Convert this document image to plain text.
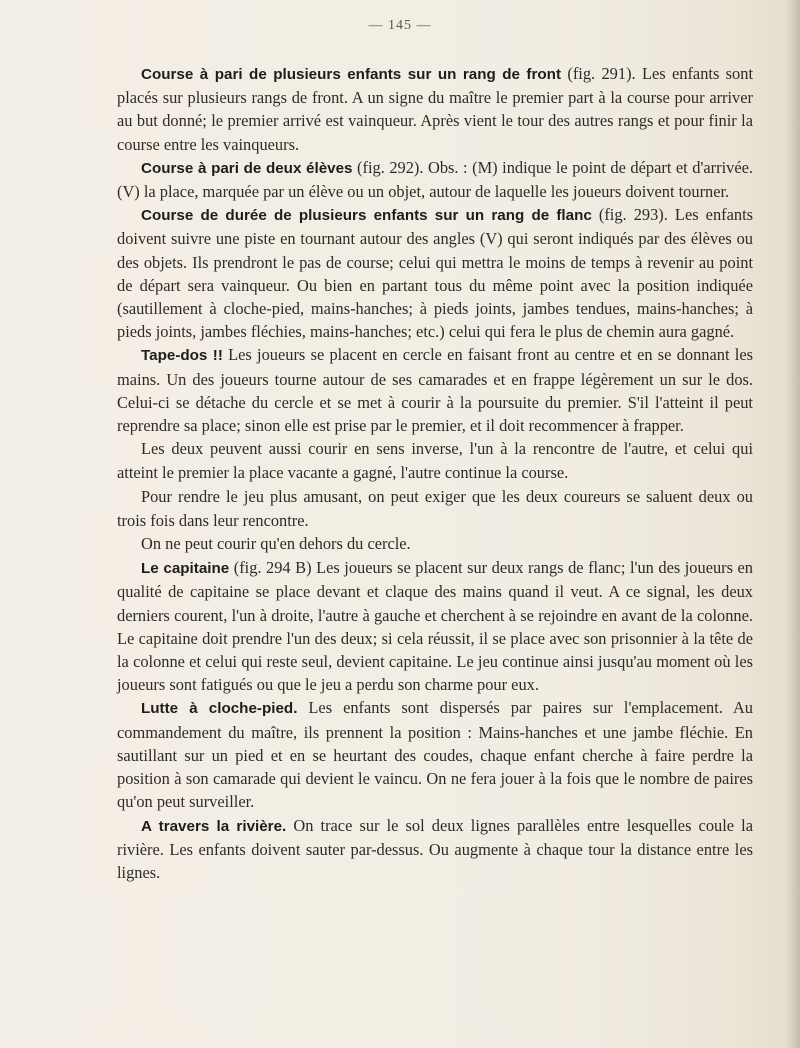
— 145 —

Course à pari de plusieurs enfants sur un rang de front (fig. 291). Les enfants sont placés sur plusieurs rangs de front. A un signe du maître le premier part à la course pour arriver au but donné; le premier arrivé est vainqueur. Après vient le tour des autres rangs et pour finir la course entre les vainqueurs.

Course à pari de deux élèves (fig. 292). Obs. : (M) indique le point de départ et d'arrivée. (V) la place, marquée par un élève ou un objet, autour de laquelle les joueurs doivent tourner.

Course de durée de plusieurs enfants sur un rang de flanc (fig. 293). Les enfants doivent suivre une piste en tournant autour des angles (V) qui seront indiqués par des élèves ou des objets. Ils prendront le pas de course; celui qui mettra le moins de temps à revenir au point de départ sera vainqueur. Ou bien en partant tous du même point avec la position indiquée (sautillement à cloche-pied, mains-hanches; à pieds joints, jambes tendues, mains-hanches; à pieds joints, jambes fléchies, mains-hanches; etc.) celui qui fera le plus de chemin aura gagné.

Tape-dos !! Les joueurs se placent en cercle en faisant front au centre et en se donnant les mains. Un des joueurs tourne autour de ses camarades et en frappe légèrement un sur le dos. Celui-ci se détache du cercle et se met à courir à la poursuite du premier. S'il l'atteint il peut reprendre sa place; sinon elle est prise par le premier, et il doit recommencer à frapper.

Les deux peuvent aussi courir en sens inverse, l'un à la rencontre de l'autre, et celui qui atteint le premier la place vacante a gagné, l'autre continue la course.

Pour rendre le jeu plus amusant, on peut exiger que les deux coureurs se saluent deux ou trois fois dans leur rencontre.

On ne peut courir qu'en dehors du cercle.

Le capitaine (fig. 294 B) Les joueurs se placent sur deux rangs de flanc; l'un des joueurs en qualité de capitaine se place devant et claque des mains quand il veut. A ce signal, les deux derniers courent, l'un à droite, l'autre à gauche et cherchent à se rejoindre en avant de la colonne. Le capitaine doit prendre l'un des deux; si cela réussit, il se place avec son prisonnier à la tête de la colonne et celui qui reste seul, devient capitaine. Le jeu continue ainsi jusqu'au moment où les joueurs sont fatigués ou que le jeu a perdu son charme pour eux.

Lutte à cloche-pied. Les enfants sont dispersés par paires sur l'emplacement. Au commandement du maître, ils prennent la position : Mains-hanches et une jambe fléchie. En sautillant sur un pied et en se heurtant des coudes, chaque enfant cherche à faire perdre la position à son camarade qui devient le vaincu. On ne fera jouer à la fois que le nombre de paires qu'on peut surveiller.

A travers la rivière. On trace sur le sol deux lignes parallèles entre lesquelles coule la rivière. Les enfants doivent sauter par-dessus. Ou augmente à chaque tour la distance entre les lignes.
